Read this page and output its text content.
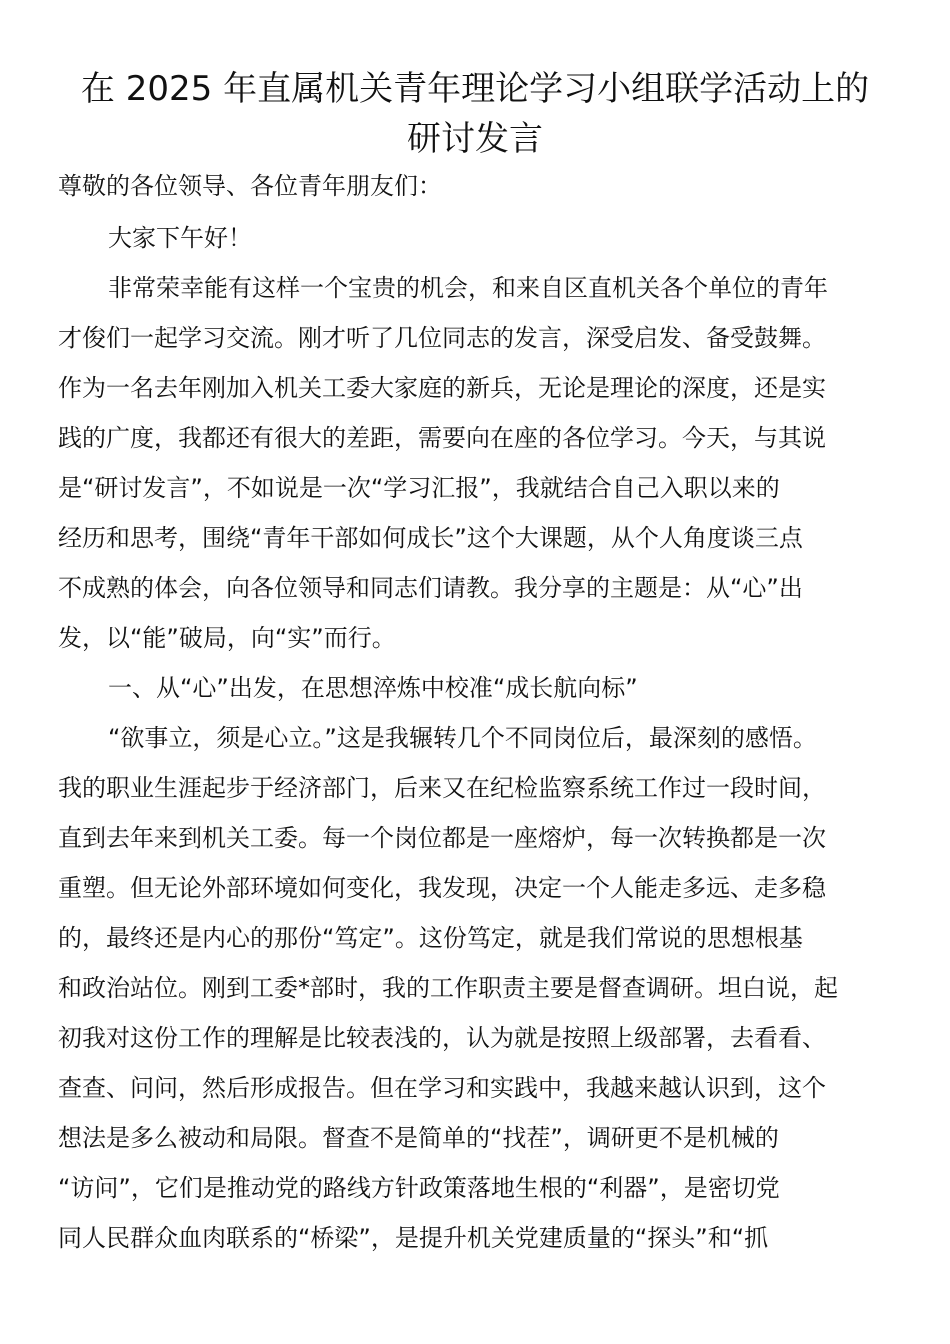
在 2025 年直属机关青年理论学习小组联学活动上的
研讨发言
尊敬的各位领导、各位青年朋友们：
大家下午好！
非常荣幸能有这样一个宝贵的机会，和来自区直机关各个单位的青年
才俊们一起学习交流。刚才听了几位同志的发言，深受启发、备受鼓舞。
作为一名去年刚加入机关工委大家庭的新兵，无论是理论的深度，还是实
践的广度，我都还有很大的差距，需要向在座的各位学习。今天，与其说
是“研讨发言”，不如说是一次“学习汇报”，我就结合自己入职以来的
经历和思考，围绕“青年干部如何成长”这个大课题，从个人角度谈三点
不成熟的体会，向各位领导和同志们请教。我分享的主题是：从“心”出
发，以“能”破局，向“实”而行。
一、从“心”出发，在思想淬炼中校准“成长航向标”
“欲事立，须是心立。”这是我辗转几个不同岗位后，最深刻的感悟。
我的职业生涯起步于经济部门，后来又在纪检监察系统工作过一段时间，
直到去年来到机关工委。每一个岗位都是一座熔炉，每一次转换都是一次
重塑。但无论外部环境如何变化，我发现，决定一个人能走多远、走多稳
的，最终还是内心的那份“笃定”。这份笃定，就是我们常说的思想根基
和政治站位。刚到工委*部时，我的工作职责主要是督查调研。坦白说，起
初我对这份工作的理解是比较表浅的，认为就是按照上级部署，去看看、
查查、问问，然后形成报告。但在学习和实践中，我越来越认识到，这个
想法是多么被动和局限。督查不是简单的“找茬”，调研更不是机械的
“访问”，它们是推动党的路线方针政策落地生根的“利器”，是密切党
同人民群众血肉联系的“桥梁”，是提升机关党建质量的“探头”和“抓
